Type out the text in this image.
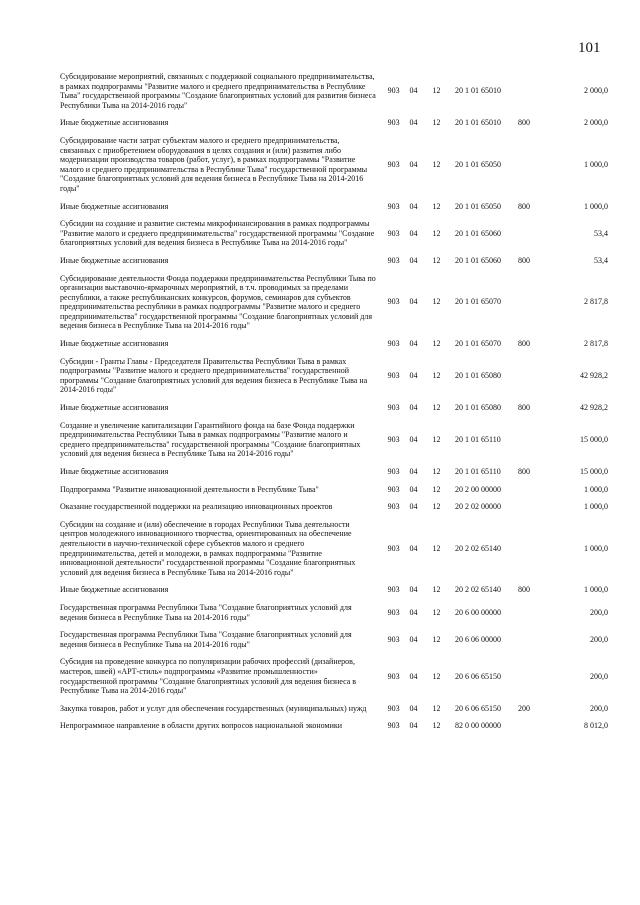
101
Субсидирование мероприятий, связанных с поддержкой социального предпринимательства, в рамках подпрограммы "Развитие малого и среднего предпринимательства в Республике Тыва" государственной программы "Создание благоприятных условий для развития бизнеса Республики Тыва на 2014-2016 годы"	903	04	12	20 1 01 65010		2 000,0
Иные бюджетные ассигнования	903	04	12	20 1 01 65010	800	2 000,0
Субсидирование части затрат субъектам малого и среднего предпринимательства, связанных с приобретением оборудования в целях создания и (или) развития либо модернизации производства товаров (работ, услуг), в рамках подпрограммы "Развитие малого и среднего предпринимательства в Республике Тыва" государственной программы "Создание благоприятных условий для ведения бизнеса в Республике Тыва на 2014-2016 годы"	903	04	12	20 1 01 65050		1 000,0
Иные бюджетные ассигнования	903	04	12	20 1 01 65050	800	1 000,0
Субсидии на создание и развитие системы микрофинансирования в рамках подпрограммы "Развитие малого и среднего предпринимательства" государственной программы "Создание благоприятных условий для ведения бизнеса в Республике Тыва на 2014-2016 годы"	903	04	12	20 1 01 65060		53,4
Иные бюджетные ассигнования	903	04	12	20 1 01 65060	800	53,4
Субсидирование деятельности Фонда поддержки предпринимательства Республики Тыва по организации выставочно-ярмарочных мероприятий, в т.ч. проводимых за пределами республики, а также республиканских конкурсов, форумов, семинаров для субъектов предпринимательства республики в рамках подпрограммы "Развитие малого и среднего предпринимательства" государственной программы "Создание благоприятных условий для ведения бизнеса в Республике Тыва на 2014-2016 годы"	903	04	12	20 1 01 65070		2 817,8
Иные бюджетные ассигнования	903	04	12	20 1 01 65070	800	2 817,8
Субсидии - Гранты Главы - Председателя Правительства Республики Тыва в рамках подпрограммы "Развитие малого и среднего предпринимательства" государственной программы "Создание благоприятных условий для ведения бизнеса в Республике Тыва на 2014-2016 годы"	903	04	12	20 1 01 65080		42 928,2
Иные бюджетные ассигнования	903	04	12	20 1 01 65080	800	42 928,2
Создание и увеличение капитализации Гарантийного фонда на базе Фонда поддержки предпринимательства Республики Тыва в рамках подпрограммы "Развитие малого и среднего предпринимательства" государственной программы "Создание благоприятных условий для ведения бизнеса в Республике Тыва на 2014-2016 годы"	903	04	12	20 1 01 65110		15 000,0
Иные бюджетные ассигнования	903	04	12	20 1 01 65110	800	15 000,0
Подпрограмма "Развитие инновационной деятельности в Республике Тыва"	903	04	12	20 2 00 00000		1 000,0
Оказание государственной поддержки на реализацию инновационных проектов	903	04	12	20 2 02 00000		1 000,0
Субсидии на создание и (или) обеспечение в городах Республики Тыва деятельности центров молодежного инновационного творчества, ориентированных на обеспечение деятельности в научно-технической сфере субъектов малого и среднего предпринимательства, детей и молодежи, в рамках подпрограммы "Развитие инновационной деятельности" государственной программы "Создание благоприятных условий для ведения бизнеса в Республике Тыва на 2014-2016 годы"	903	04	12	20 2 02 65140		1 000,0
Иные бюджетные ассигнования	903	04	12	20 2 02 65140	800	1 000,0
Государственная программа Республики Тыва "Создание благоприятных условий для ведения бизнеса в Республике Тыва на 2014-2016 годы"	903	04	12	20 6 00 00000		200,0
Государственная программа Республики Тыва "Создание благоприятных условий для ведения бизнеса в Республике Тыва на 2014-2016 годы"	903	04	12	20 6 06 00000		200,0
Субсидия на проведение конкурса по популяризации рабочих профессий (дизайнеров, мастеров, швей) «АРТ-стиль» подпрограммы «Развитие промышленности» государственной программы "Создание благоприятных условий для ведения бизнеса в Республике Тыва на 2014-2016 годы"	903	04	12	20 6 06 65150		200,0
Закупка товаров, работ и услуг для обеспечения государственных (муниципальных) нужд	903	04	12	20 6 06 65150	200	200,0
Непрограммное направление в области других вопросов национальной экономики	903	04	12	82 0 00 00000		8 012,0
